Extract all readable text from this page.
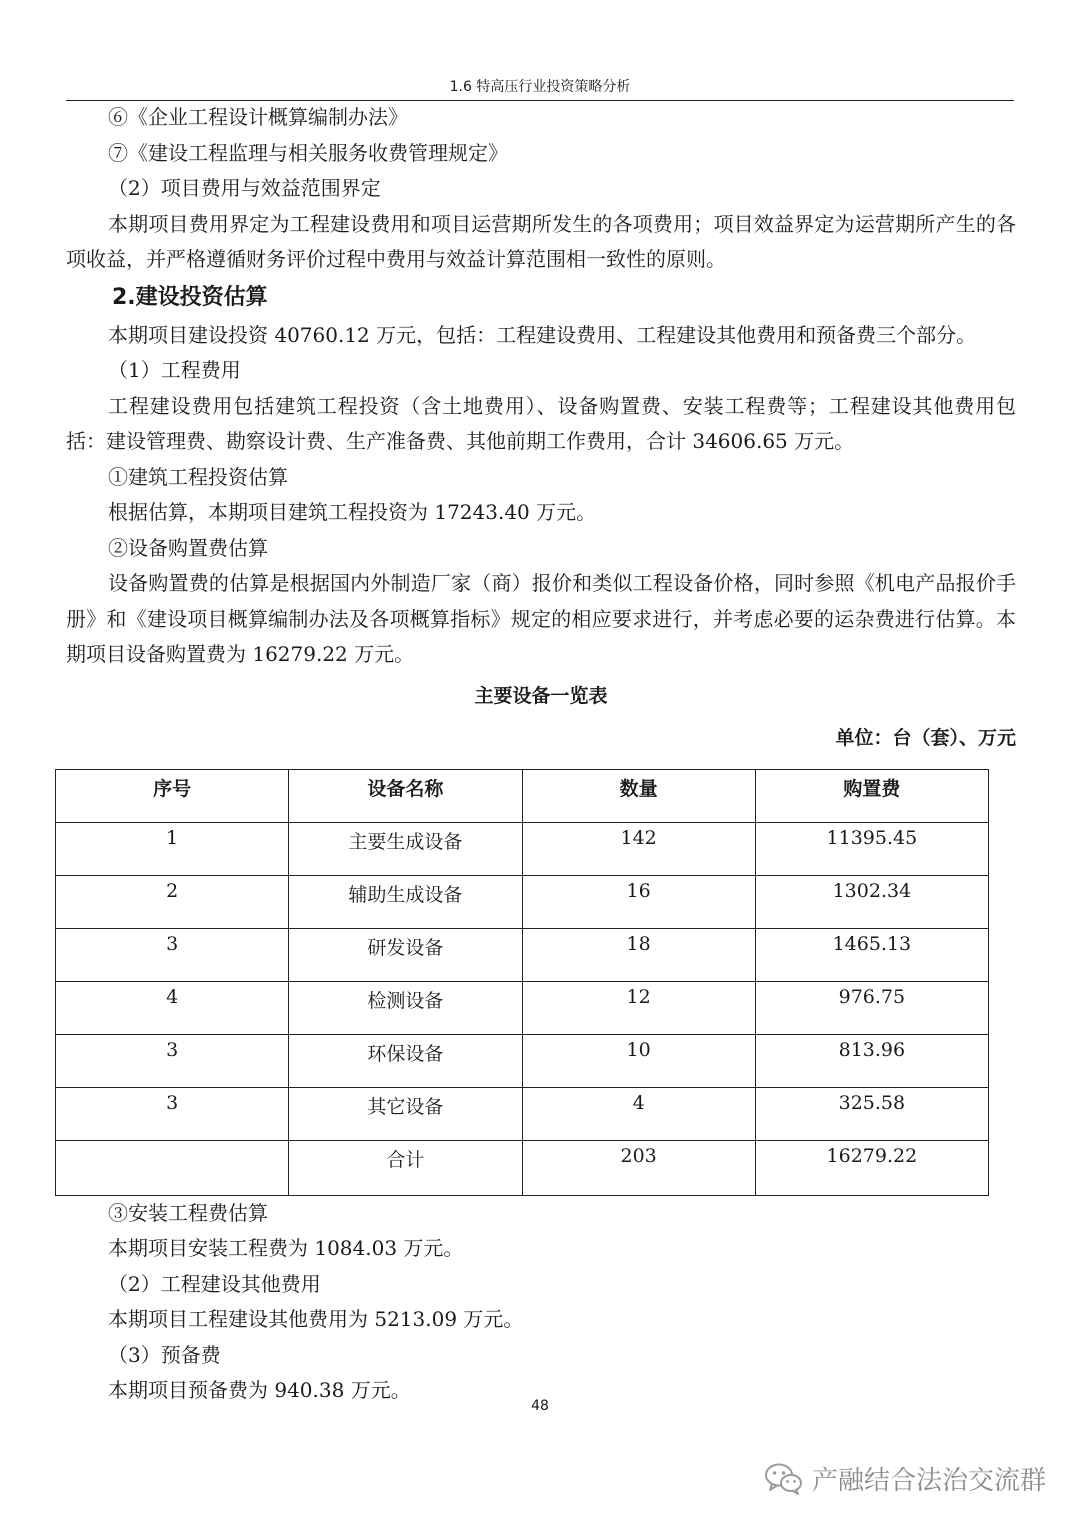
1.6 特高压行业投资策略分析
⑥《企业工程设计概算编制办法》
⑦《建设工程监理与相关服务收费管理规定》
（2）项目费用与效益范围界定
本期项目费用界定为工程建设费用和项目运营期所发生的各项费用；项目效益界定为运营期所产生的各项收益，并严格遵循财务评价过程中费用与效益计算范围相一致性的原则。
2.建设投资估算
本期项目建设投资 40760.12 万元，包括：工程建设费用、工程建设其他费用和预备费三个部分。
（1）工程费用
工程建设费用包括建筑工程投资（含土地费用）、设备购置费、安装工程费等；工程建设其他费用包括：建设管理费、勘察设计费、生产准备费、其他前期工作费用，合计 34606.65 万元。
①建筑工程投资估算
根据估算，本期项目建筑工程投资为 17243.40 万元。
②设备购置费估算
设备购置费的估算是根据国内外制造厂家（商）报价和类似工程设备价格，同时参照《机电产品报价手册》和《建设项目概算编制办法及各项概算指标》规定的相应要求进行，并考虑必要的运杂费进行估算。本期项目设备购置费为 16279.22 万元。
主要设备一览表
单位：台（套）、万元
序号	设备名称	数量	购置费
1	主要生成设备	142	11395.45
2	辅助生成设备	16	1302.34
3	研发设备	18	1465.13
4	检测设备	12	976.75
3	环保设备	10	813.96
3	其它设备	4	325.58
	合计	203	16279.22
③安装工程费估算
本期项目安装工程费为 1084.03 万元。
（2）工程建设其他费用
本期项目工程建设其他费用为 5213.09 万元。
（3）预备费
本期项目预备费为 940.38 万元。
48
产融结合法治交流群
